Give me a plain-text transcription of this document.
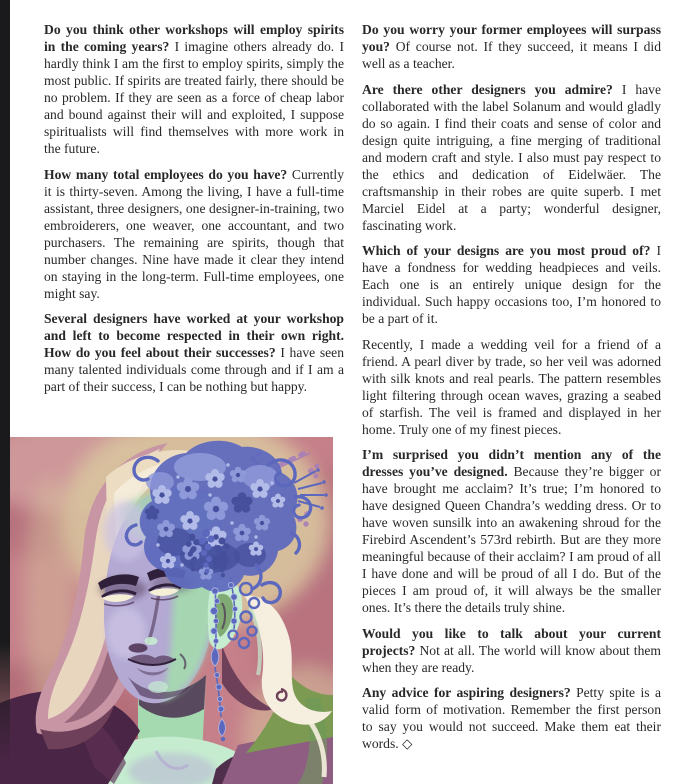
Do you think other workshops will employ spirits in the coming years? I imagine others already do. I hardly think I am the first to employ spirits, simply the most public. If spirits are treated fairly, there should be no problem. If they are seen as a force of cheap labor and bound against their will and exploited, I suppose spiritualists will find themselves with more work in the future.

How many total employees do you have? Currently it is thirty-seven. Among the living, I have a full-time assistant, three designers, one designer-in-training, two embroiderers, one weaver, one accountant, and two purchasers. The remaining are spirits, though that number changes. Nine have made it clear they intend on staying in the long-term. Full-time employees, one might say.

Several designers have worked at your workshop and left to become respected in their own right. How do you feel about their successes? I have seen many talented individuals come through and if I am a part of their success, I can be nothing but happy.

Do you worry your former employees will surpass you? Of course not. If they succeed, it means I did well as a teacher.

Are there other designers you admire? I have collaborated with the label Solanum and would gladly do so again. I find their coats and sense of color and design quite intriguing, a fine merging of traditional and modern craft and style. I also must pay respect to the ethics and dedication of Eidelwäer. The craftsmanship in their robes are quite superb. I met Marciel Eidel at a party; wonderful designer, fascinating work.

Which of your designs are you most proud of? I have a fondness for wedding headpieces and veils. Each one is an entirely unique design for the individual. Such happy occasions too, I’m honored to be a part of it.

Recently, I made a wedding veil for a friend of a friend. A pearl diver by trade, so her veil was adorned with silk knots and real pearls. The pattern resembles light filtering through ocean waves, grazing a seabed of starfish. The veil is framed and displayed in her home. Truly one of my finest pieces.

I’m surprised you didn’t mention any of the dresses you’ve designed. Because they’re bigger or have brought me acclaim? It’s true; I’m honored to have designed Queen Chandra’s wedding dress. Or to have woven sunsilk into an awakening shroud for the Firebird Ascendent’s 573rd rebirth. But are they more meaningful because of their acclaim? I am proud of all I have done and will be proud of all I do. But of the pieces I am proud of, it will always be the smaller ones. It’s there the details truly shine.

Would you like to talk about your current projects? Not at all. The world will know about them when they are ready.

Any advice for aspiring designers? Petty spite is a valid form of motivation. Remember the first person to say you would not succeed. Make them eat their words. ◇
